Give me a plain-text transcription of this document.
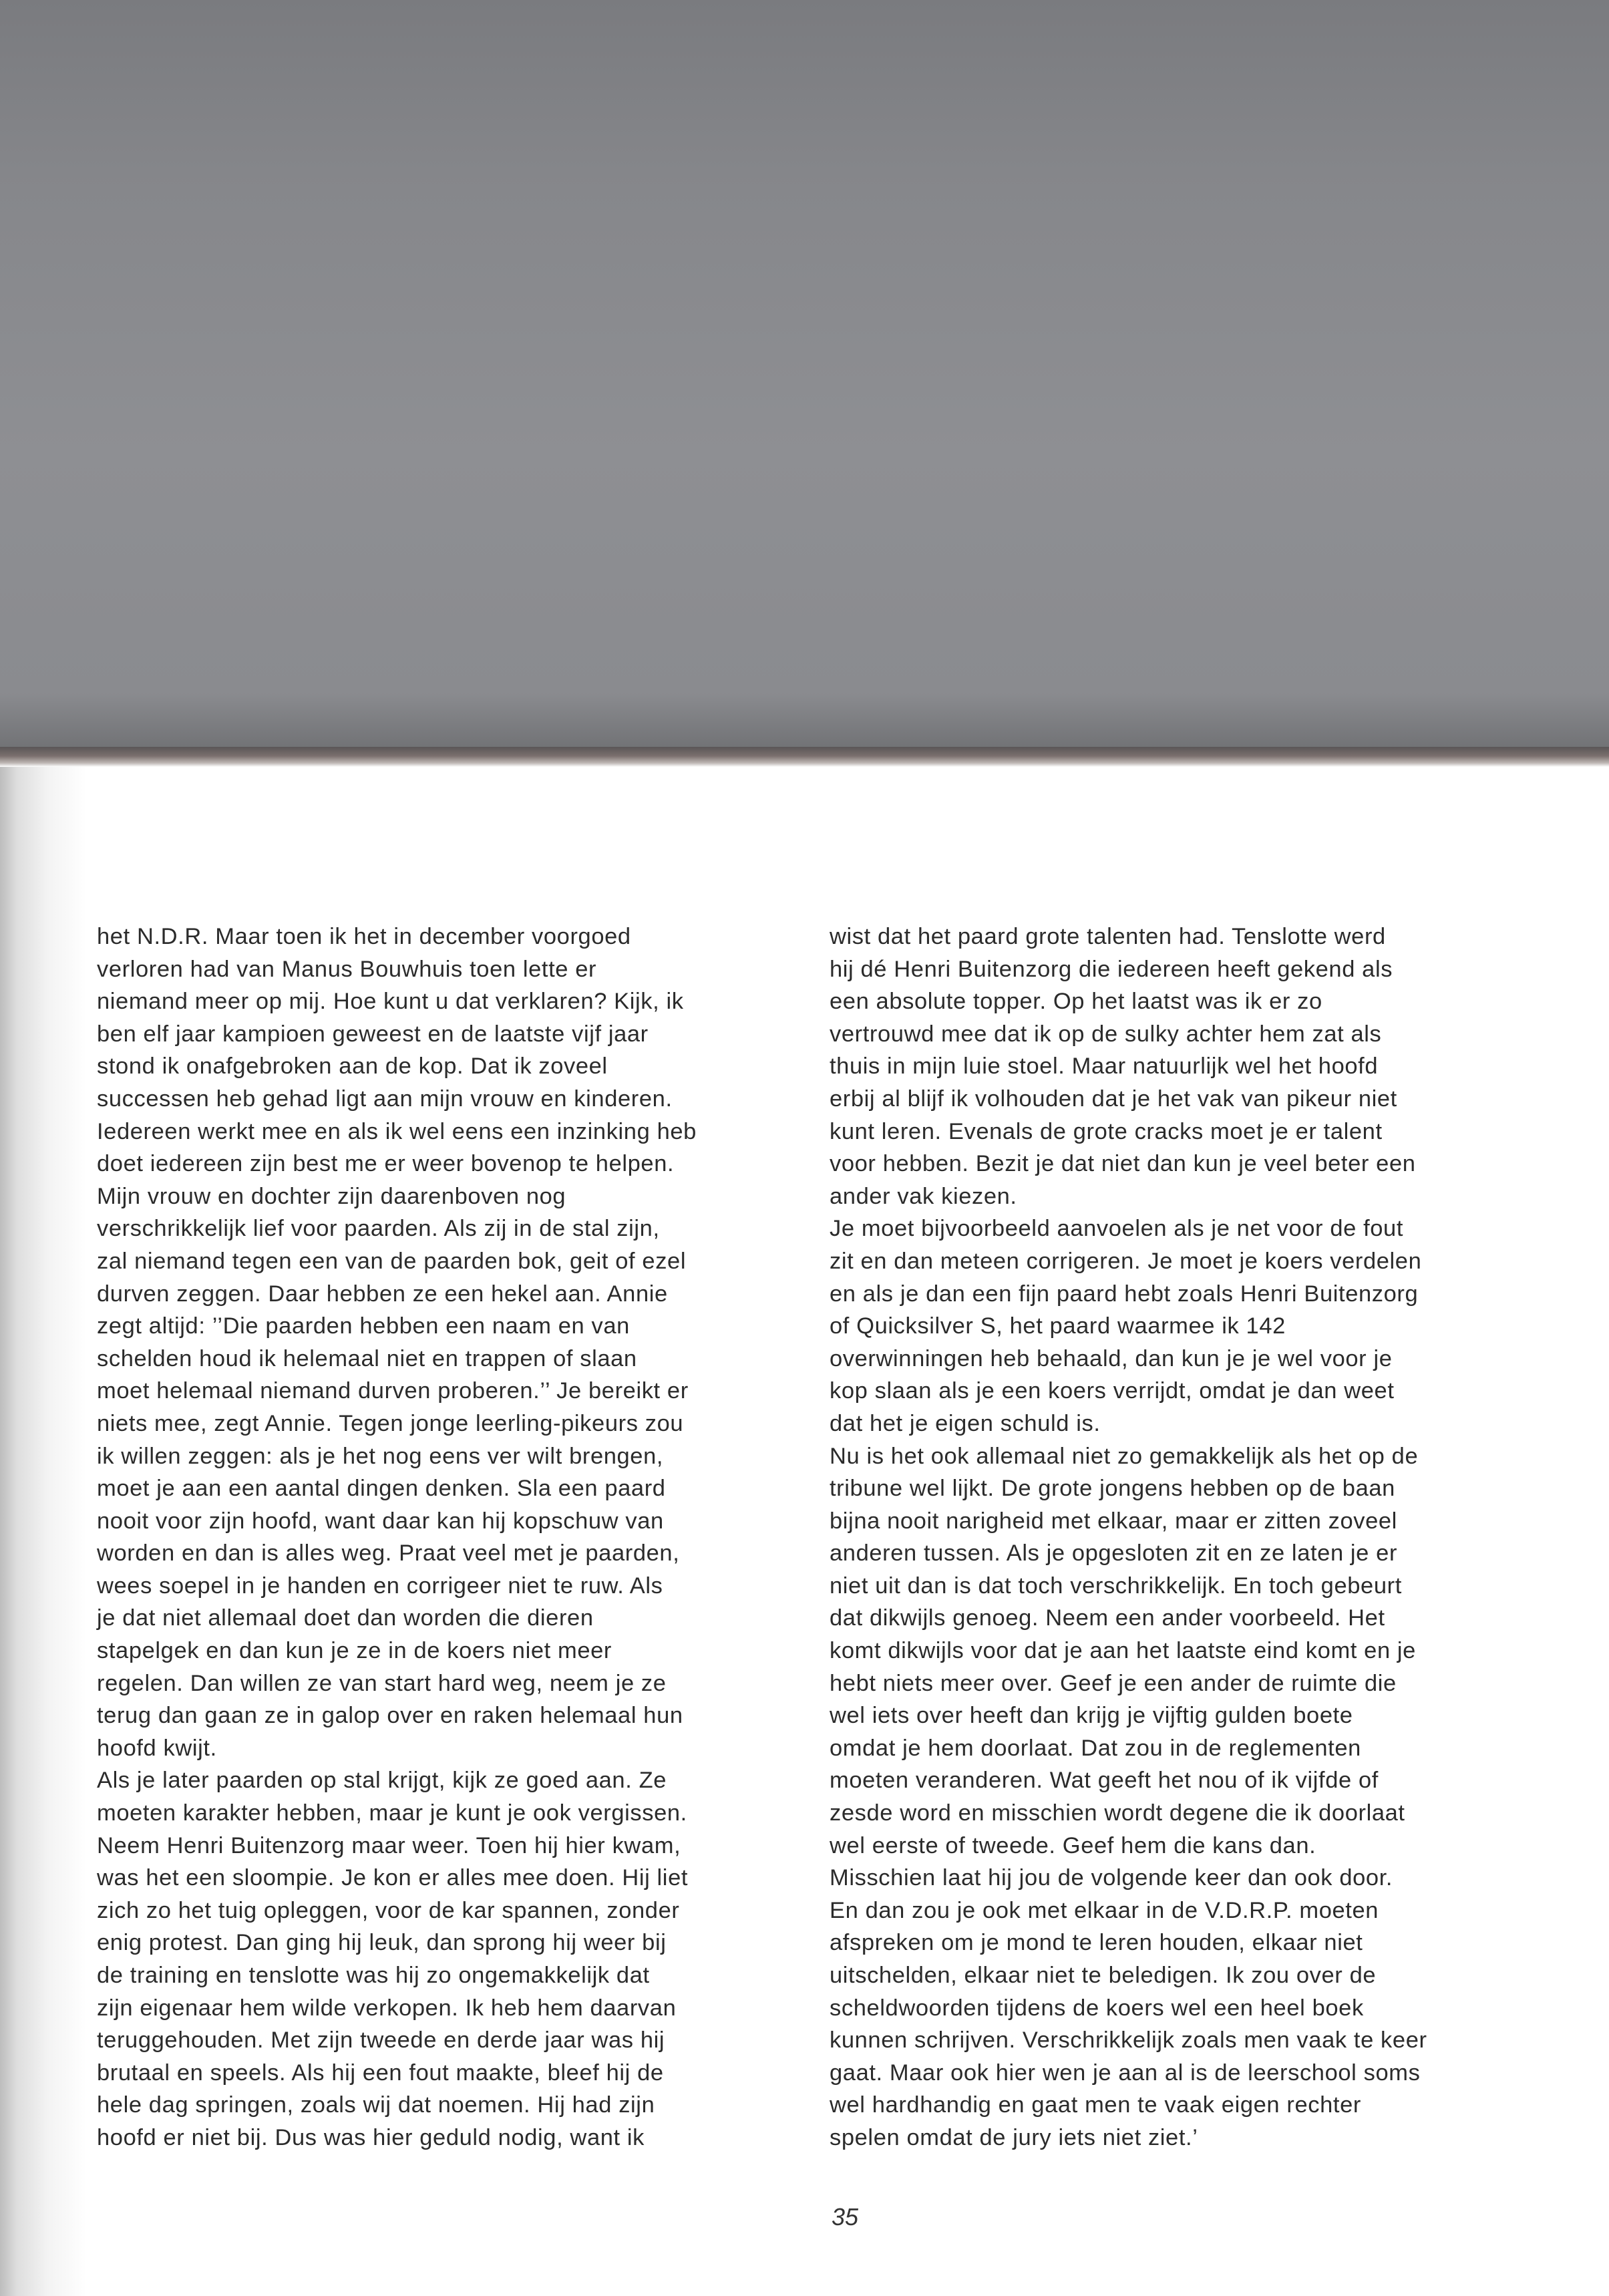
het N.D.R. Maar toen ik het in december voorgoed
verloren had van Manus Bouwhuis toen lette er
niemand meer op mij. Hoe kunt u dat verklaren? Kijk, ik
ben elf jaar kampioen geweest en de laatste vijf jaar
stond ik onafgebroken aan de kop. Dat ik zoveel
successen heb gehad ligt aan mijn vrouw en kinderen.
Iedereen werkt mee en als ik wel eens een inzinking heb
doet iedereen zijn best me er weer bovenop te helpen.
Mijn vrouw en dochter zijn daarenboven nog
verschrikkelijk lief voor paarden. Als zij in de stal zijn,
zal niemand tegen een van de paarden bok, geit of ezel
durven zeggen. Daar hebben ze een hekel aan. Annie
zegt altijd: ’’Die paarden hebben een naam en van
schelden houd ik helemaal niet en trappen of slaan
moet helemaal niemand durven proberen.’’ Je bereikt er
niets mee, zegt Annie. Tegen jonge leerling-pikeurs zou
ik willen zeggen: als je het nog eens ver wilt brengen,
moet je aan een aantal dingen denken. Sla een paard
nooit voor zijn hoofd, want daar kan hij kopschuw van
worden en dan is alles weg. Praat veel met je paarden,
wees soepel in je handen en corrigeer niet te ruw. Als
je dat niet allemaal doet dan worden die dieren
stapelgek en dan kun je ze in de koers niet meer
regelen. Dan willen ze van start hard weg, neem je ze
terug dan gaan ze in galop over en raken helemaal hun
hoofd kwijt.
Als je later paarden op stal krijgt, kijk ze goed aan. Ze
moeten karakter hebben, maar je kunt je ook vergissen.
Neem Henri Buitenzorg maar weer. Toen hij hier kwam,
was het een sloompie. Je kon er alles mee doen. Hij liet
zich zo het tuig opleggen, voor de kar spannen, zonder
enig protest. Dan ging hij leuk, dan sprong hij weer bij
de training en tenslotte was hij zo ongemakkelijk dat
zijn eigenaar hem wilde verkopen. Ik heb hem daarvan
teruggehouden. Met zijn tweede en derde jaar was hij
brutaal en speels. Als hij een fout maakte, bleef hij de
hele dag springen, zoals wij dat noemen. Hij had zijn
hoofd er niet bij. Dus was hier geduld nodig, want ik
wist dat het paard grote talenten had. Tenslotte werd
hij dé Henri Buitenzorg die iedereen heeft gekend als
een absolute topper. Op het laatst was ik er zo
vertrouwd mee dat ik op de sulky achter hem zat als
thuis in mijn luie stoel. Maar natuurlijk wel het hoofd
erbij al blijf ik volhouden dat je het vak van pikeur niet
kunt leren. Evenals de grote cracks moet je er talent
voor hebben. Bezit je dat niet dan kun je veel beter een
ander vak kiezen.
Je moet bijvoorbeeld aanvoelen als je net voor de fout
zit en dan meteen corrigeren. Je moet je koers verdelen
en als je dan een fijn paard hebt zoals Henri Buitenzorg
of Quicksilver S, het paard waarmee ik 142
overwinningen heb behaald, dan kun je je wel voor je
kop slaan als je een koers verrijdt, omdat je dan weet
dat het je eigen schuld is.
Nu is het ook allemaal niet zo gemakkelijk als het op de
tribune wel lijkt. De grote jongens hebben op de baan
bijna nooit narigheid met elkaar, maar er zitten zoveel
anderen tussen. Als je opgesloten zit en ze laten je er
niet uit dan is dat toch verschrikkelijk. En toch gebeurt
dat dikwijls genoeg. Neem een ander voorbeeld. Het
komt dikwijls voor dat je aan het laatste eind komt en je
hebt niets meer over. Geef je een ander de ruimte die
wel iets over heeft dan krijg je vijftig gulden boete
omdat je hem doorlaat. Dat zou in de reglementen
moeten veranderen. Wat geeft het nou of ik vijfde of
zesde word en misschien wordt degene die ik doorlaat
wel eerste of tweede. Geef hem die kans dan.
Misschien laat hij jou de volgende keer dan ook door.
En dan zou je ook met elkaar in de V.D.R.P. moeten
afspreken om je mond te leren houden, elkaar niet
uitschelden, elkaar niet te beledigen. Ik zou over de
scheldwoorden tijdens de koers wel een heel boek
kunnen schrijven. Verschrikkelijk zoals men vaak te keer
gaat. Maar ook hier wen je aan al is de leerschool soms
wel hardhandig en gaat men te vaak eigen rechter
spelen omdat de jury iets niet ziet.’
35
